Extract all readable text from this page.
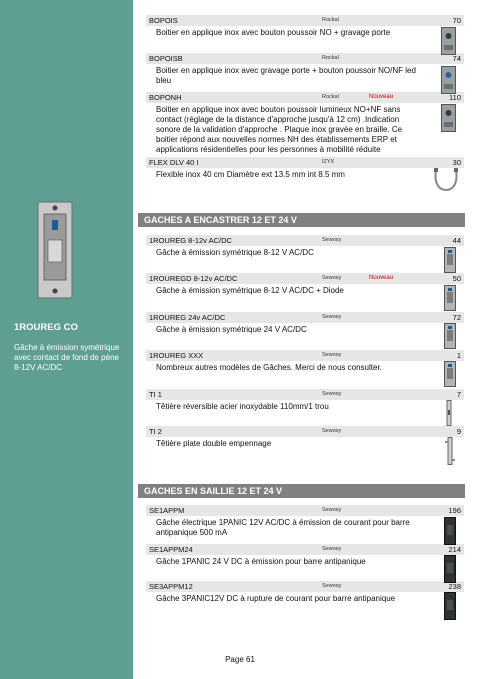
1ROUREG CO
Gâche à émission symétrique avec contact de fond de pène 8-12V AC/DC
BOPOIS	Rockal	70
Boitier en applique inox avec bouton poussoir NO + gravage porte
BOPOISB	Rockal	74
Boitier en applique inox avec gravage porte + bouton poussoir NO/NF led bleu
BOPONH	Rockal	Nouveau	110
Boitier en applique inox avec bouton poussoir lumineux NO+NF sans contact (réglage de la distance d'approche jusqu'à 12 cm) .Indication sonore de la validation d'approche . Plaque inox gravée en braille. Ce boitier répond aux nouvelles normes NH des établissements ERP et applications résidentielles pour les personnes à mobilité réduite
FLEX DLV 40 I	IZYX	30
Flexible inox 40 cm Diamètre ext 13.5 mm int 8.5 mm
GACHES A ENCASTRER 12 ET 24 V
1ROUREG 8-12v AC/DC	Sewosy	44
Gâche à émission symétrique 8-12 V AC/DC
1ROUREGD 8-12v AC/DC	Sewosy	Nouveau	50
Gâche à émission symétrique 8-12 V AC/DC + Diode
1ROUREG 24v AC/DC	Sewosy	72
Gâche à émission symétrique 24 V AC/DC
1ROUREG XXX	Sewosy	1
Nombreux autres modèles de Gâches. Merci de nous consulter.
TI 1	Sewosy	7
Têtière réversible acier inoxydable 110mm/1 trou
TI 2	Sewosy	9
Têtière plate double empennage
GACHES EN SAILLIE 12 ET 24 V
SE1APPM	Sewosy	196
Gâche électrique 1PANIC 12V AC/DC à émission de courant pour barre antipanique 500 mA
SE1APPM24	Sewosy	214
Gâche 1PANIC 24 V DC à émission pour barre antipanique
SE3APPM12	Sewosy	238
Gâche 3PANIC12V DC à rupture de courant pour barre antipanique
Page 61
